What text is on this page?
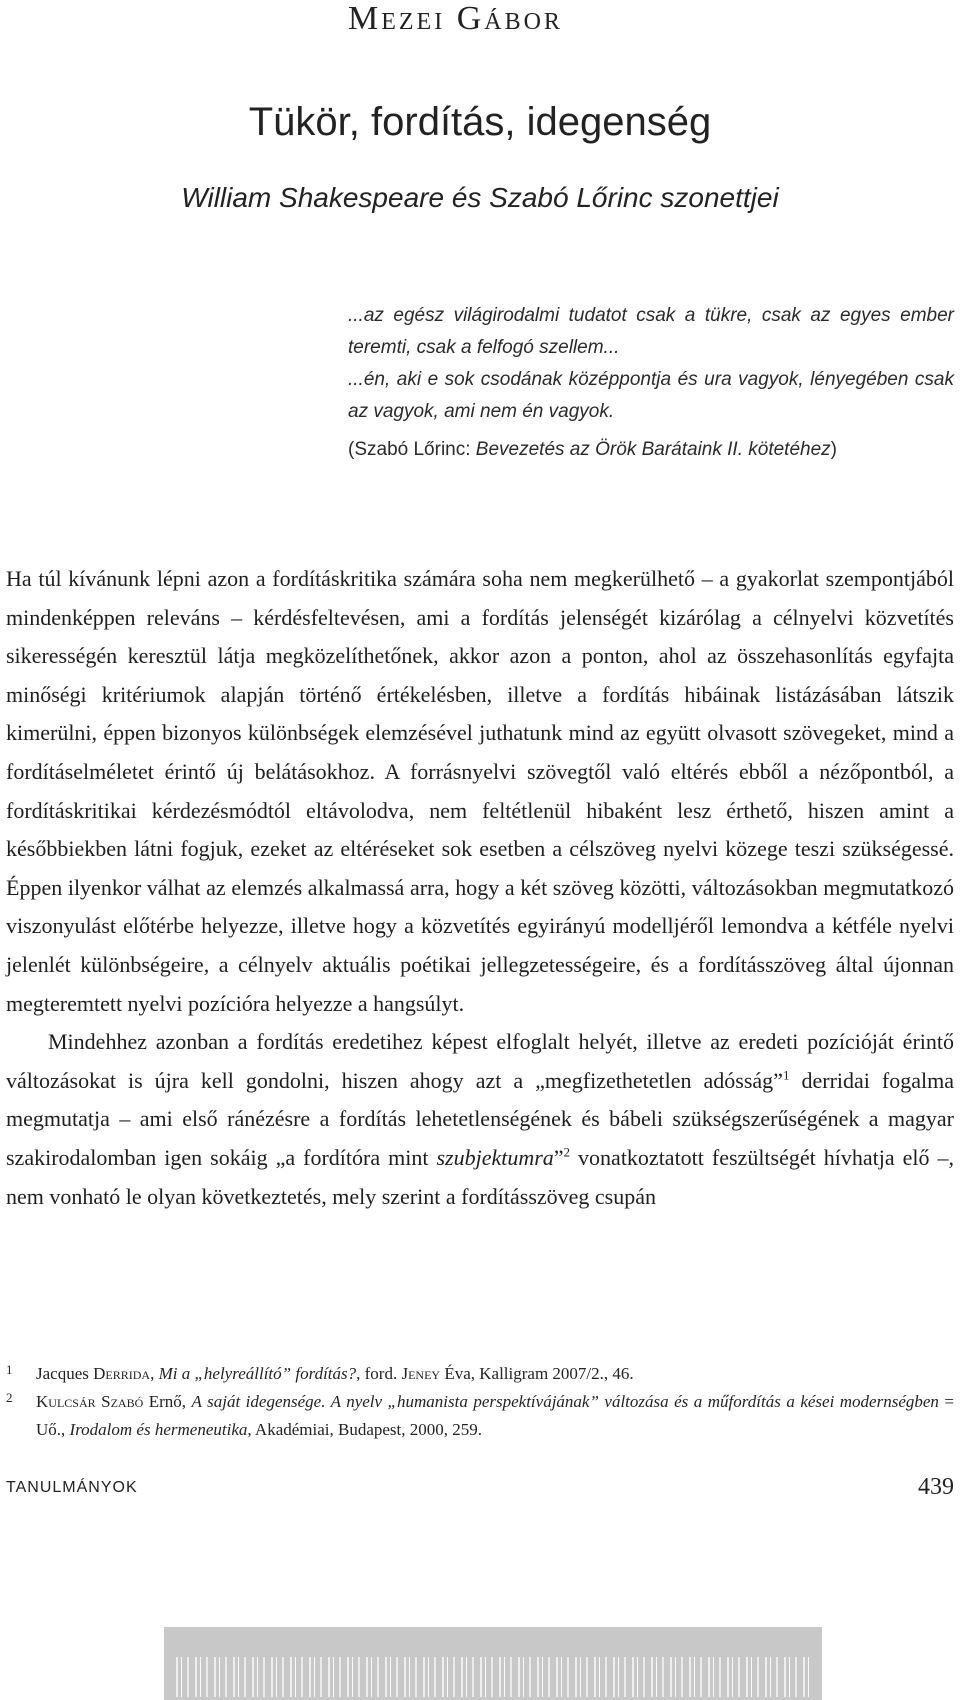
Mezei Gábor
Tükör, fordítás, idegenség
William Shakespeare és Szabó Lőrinc szonettjei

...az egész világirodalmi tudatot csak a tükre, csak az egyes ember teremti, csak a felfogó szellem...

...én, aki e sok csodának középpontja és ura vagyok, lényegében csak az vagyok, ami nem én vagyok.

(Szabó Lőrinc: Bevezetés az Örök Barátaink II. kötetéhez)

Ha túl kívánunk lépni azon a fordításkritika számára soha nem megkerülhető – a gyakorlat szempontjából mindenképpen releváns – kérdésfeltevésen, ami a fordítás jelenségét kizárólag a célnyelvi közvetítés sikerességén keresztül látja megközelíthetőnek, akkor azon a ponton, ahol az összehasonlítás egyfajta minőségi kritériumok alapján történő értékelésben, illetve a fordítás hibáinak listázásában látszik kimerülni, éppen bizonyos különbségek elemzésével juthatunk mind az együtt olvasott szövegeket, mind a fordításelméletet érintő új belátásokhoz. A forrásnyelvi szövegtől való eltérés ebből a nézőpontból, a fordításkritikai kérdezésmódtól eltávolodva, nem feltétlenül hibaként lesz érthető, hiszen amint a későbbiekben látni fogjuk, ezeket az eltéréseket sok esetben a célszöveg nyelvi közege teszi szükségessé. Éppen ilyenkor válhat az elemzés alkalmassá arra, hogy a két szöveg közötti, változásokban megmutatkozó viszonyulást előtérbe helyezze, illetve hogy a közvetítés egyirányú modelljéről lemondva a kétféle nyelvi jelenlét különbségeire, a célnyelv aktuális poétikai jellegzetességeire, és a fordításszöveg által újonnan megteremtett nyelvi pozícióra helyezze a hangsúlyt.

Mindehhez azonban a fordítás eredetihez képest elfoglalt helyét, illetve az eredeti pozícióját érintő változásokat is újra kell gondolni, hiszen ahogy azt a „megfizethetetlen adósság”$^1$ derridai fogalma megmutatja – ami első ránézésre a fordítás lehetetlenségének és bábeli szükségszerűségének a magyar szakirodalomban igen sokáig „a fordítóra mint szubjektumra”$^2$ vonatkoztatott feszültségét hívhatja elő –, nem vonható le olyan következtetés, mely szerint a fordításszöveg csupán

1 Jacques Derrida, Mi a „helyreállító” fordítás?, ford. Jeney Éva, Kalligram 2007/2., 46.
2 Kulcsár Szabó Ernő, A saját idegensége. A nyelv „humanista perspektívájának” változása és a műfordítás a kései modernségben = Uő., Irodalom és hermeneutika, Akadémiai, Budapest, 2000, 259.
TANULMÁNYOK	439
